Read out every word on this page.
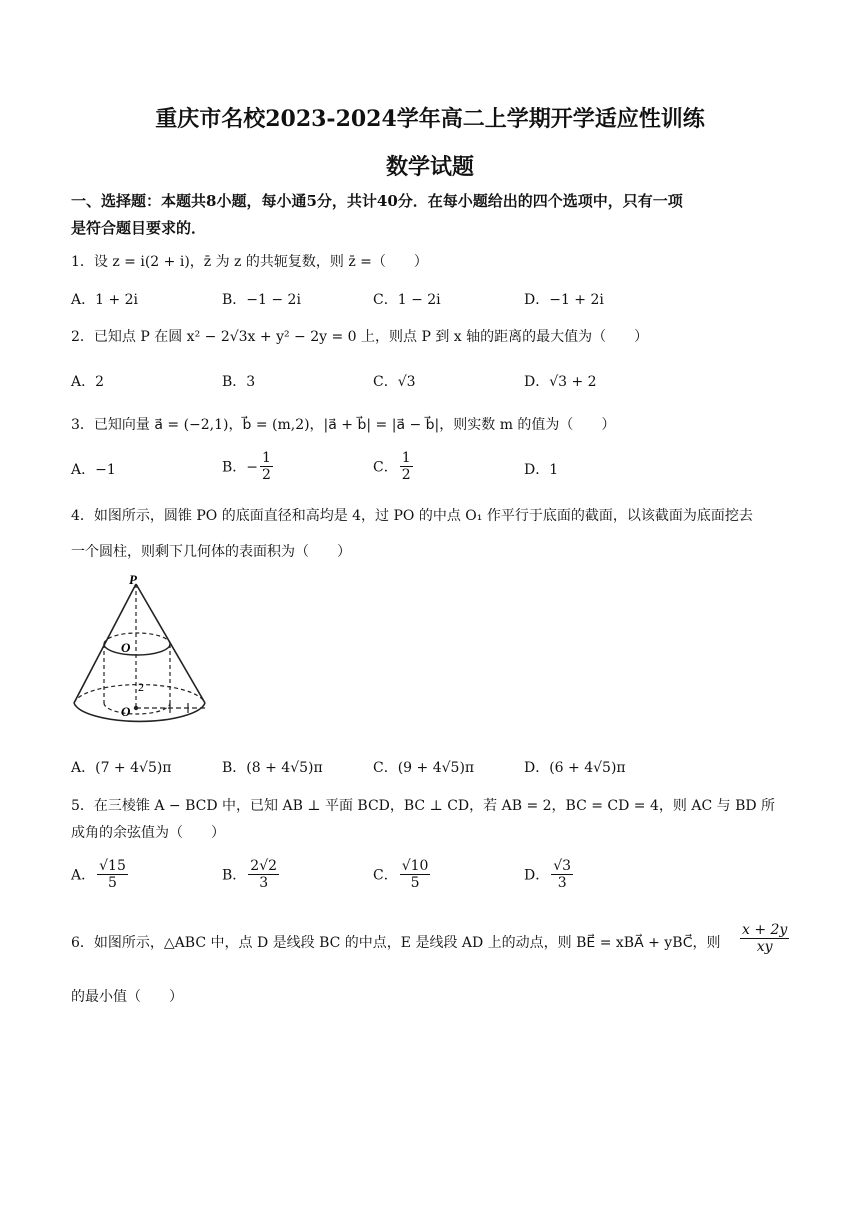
重庆市名校2023-2024学年高二上学期开学适应性训练
数学试题
一、选择题：本题共8小题，每小通5分，共计40分．在每小题给出的四个选项中，只有一项
是符合题目要求的．
1．设 z = i(2 + i)，z̄ 为 z 的共轭复数，则 z̄ =（　　）
A．1 + 2i	B．−1 − 2i	C．1 − 2i	D．−1 + 2i
2．已知点 P 在圆 x² − 2√3x + y² − 2y = 0 上，则点 P 到 x 轴的距离的最大值为（　　）
A．2	B．3	C．√3	D．√3 + 2
3．已知向量 a⃗ = (−2,1)，b⃗ = (m,2)，|a⃗ + b⃗| = |a⃗ − b⃗|，则实数 m 的值为（　　）
A．−1	B．− $\frac{1}{2}$	C． $\frac{1}{2}$	D．1
4．如图所示，圆锥 PO 的底面直径和高均是 4，过 PO 的中点 O₁ 作平行于底面的截面，以该截面为底面挖去
一个圆柱，则剩下几何体的表面积为（　　）
P
O
O
2
A．(7 + 4√5)π	B．(8 + 4√5)π	C．(9 + 4√5)π	D．(6 + 4√5)π
5．在三棱锥 A − BCD 中，已知 AB ⊥ 平面 BCD，BC ⊥ CD，若 AB = 2，BC = CD = 4，则 AC 与 BD 所
成角的余弦值为（　　）
A． $\frac{√15}{5}$	B． $\frac{2√2}{3}$	C． $\frac{√10}{5}$	D． $\frac{√3}{3}$
6．如图所示，△ABC 中，点 D 是线段 BC 的中点，E 是线段 AD 上的动点，则 BE⃗ = xBA⃗ + yBC⃗，则 $\frac{x + 2y}{xy}$
的最小值（　　）
